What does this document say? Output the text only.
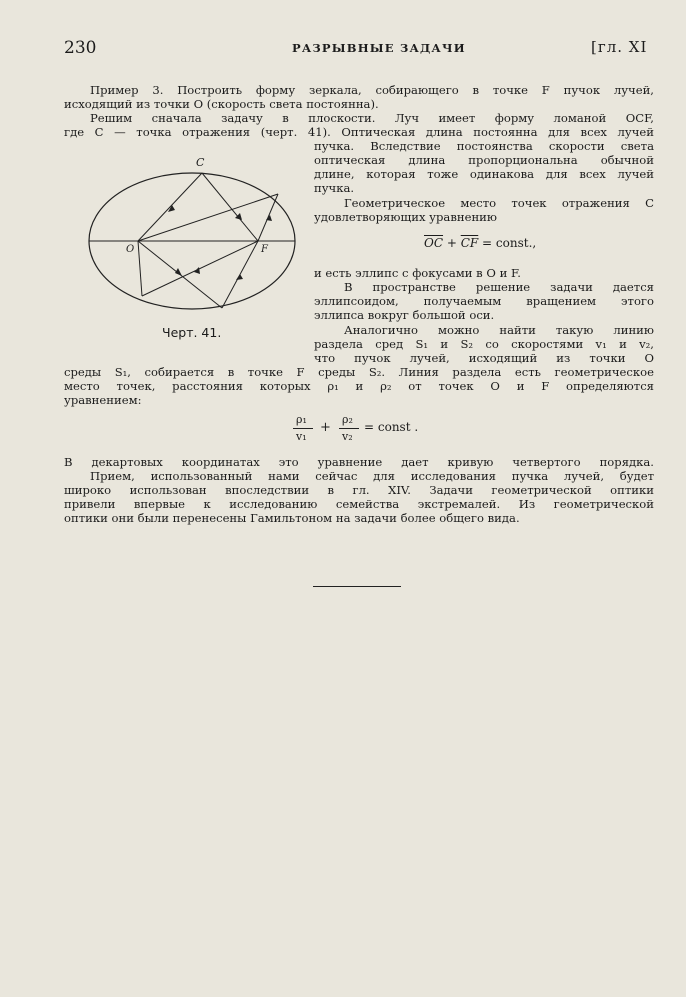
230	РАЗРЫВНЫЕ ЗАДАЧИ	[гл. XI
Пример 3. Построить форму зеркала, собирающего в точке F пучок лучей,
исходящий из точки O (скорость света постоянна).
Решим сначала задачу в плоскости. Луч имеет форму ломаной OCF,
где C — точка отражения (черт. 41). Оптическая длина постоянна для всех лучей
пучка. Вследствие постоянства скорости света
оптическая длина пропорциональна обычной
длине, которая тоже одинакова для всех лучей
пучка.
Геометрическое место точек отражения C
удовлетворяющих уравнению
$\overline{OC} + \overline{CF}$ = const.,
и есть эллипс с фокусами в O и F.
В пространстве решение задачи дается
эллипсоидом, получаемым вращением этого
эллипса вокруг большой оси.
Аналогично можно найти такую линию
раздела сред S₁ и S₂ со скоростями v₁ и v₂,
что пучок лучей, исходящий из точки O
среды S₁, собирается в точке F среды S₂. Линия раздела есть геометрическое
место точек, расстояния которых ρ₁ и ρ₂ от точек O и F определяются
уравнением:
ρ₁
v₁
+
ρ₂
v₂
= const .
В декартовых координатах это уравнение дает кривую четвертого порядка.
Прием, использованный нами сейчас для исследования пучка лучей, будет
широко использован впоследствии в гл. XIV. Задачи геометрической оптики
привели впервые к исследованию семейства экстремалей. Из геометрической
оптики они были перенесены Гамильтоном на задачи более общего вида.
C
O	F
Черт. 41.
